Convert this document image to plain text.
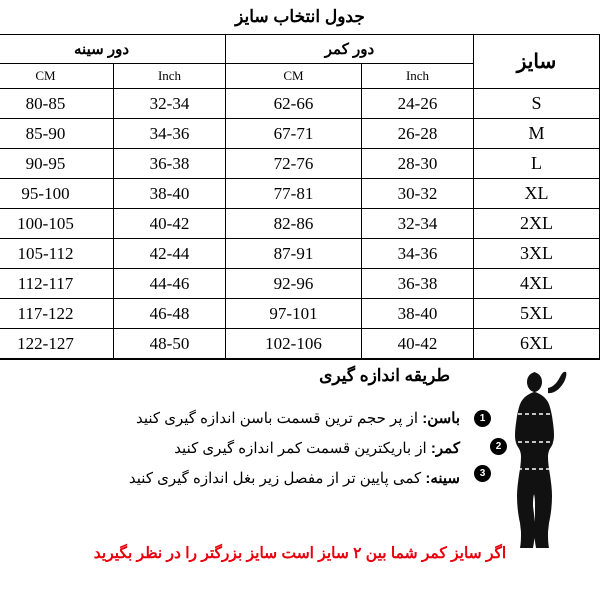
جدول انتخاب سایز
سایز	دور کمر		دور سینه	
	Inch	CM	Inch	CM
S	24-26	62-66	32-34	80-85
M	26-28	67-71	34-36	85-90
L	28-30	72-76	36-38	90-95
XL	30-32	77-81	38-40	95-100
2XL	32-34	82-86	40-42	100-105
3XL	34-36	87-91	42-44	105-112
4XL	36-38	92-96	44-46	112-117
5XL	38-40	97-101	46-48	117-122
6XL	40-42	102-106	48-50	122-127
1
2
3
طریقه اندازه گیری
باسن: از پر حجم ترین قسمت باسن اندازه گیری کنید
کمر: از باریکترین قسمت کمر اندازه گیری کنید
سینه: کمی پایین تر از مفصل زیر بغل اندازه گیری کنید
اگر سایز کمر شما بین ۲ سایز است سایز بزرگتر را در نظر بگیرید
